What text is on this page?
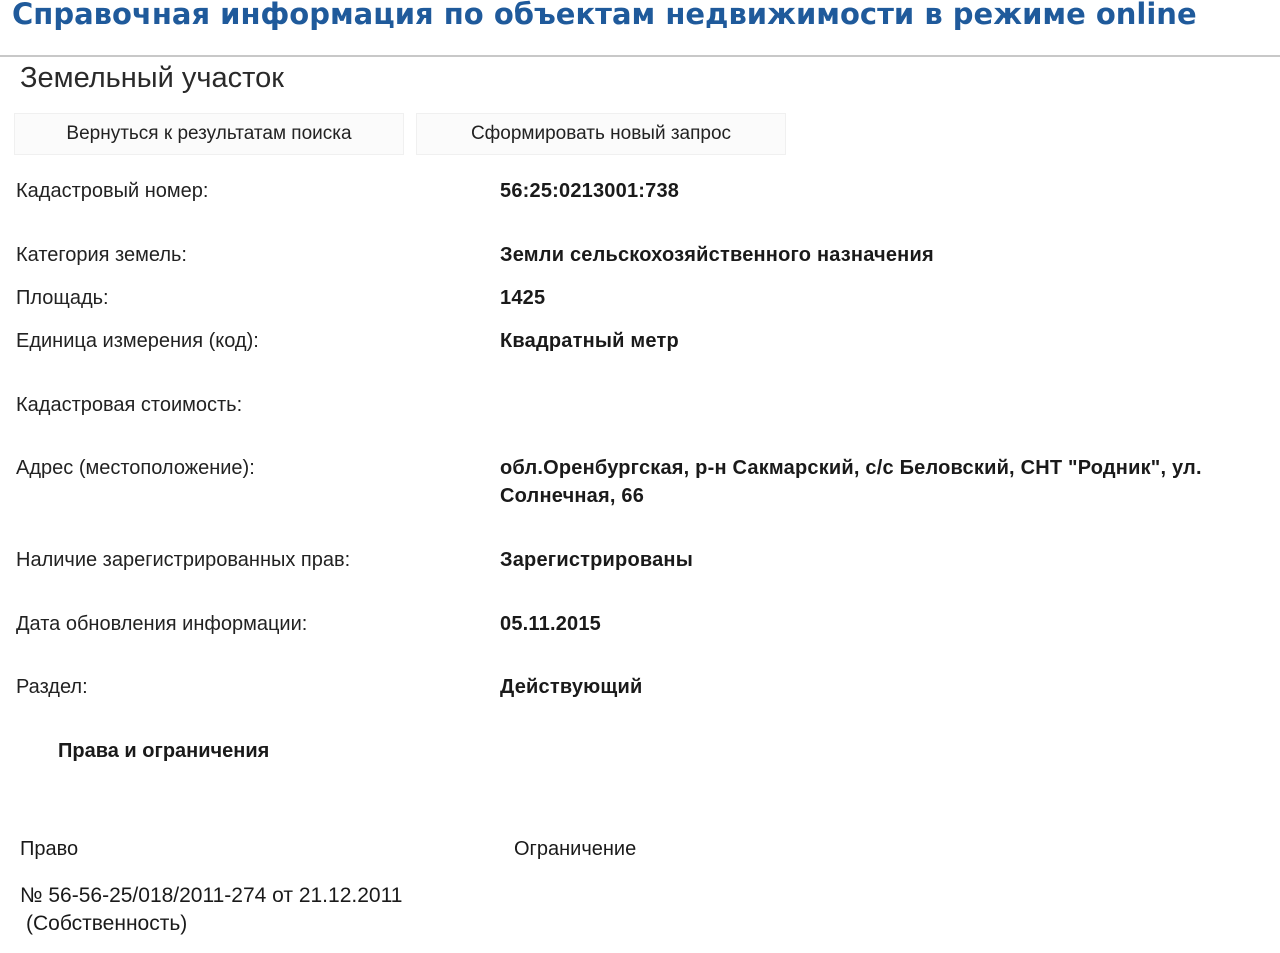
Справочная информация по объектам недвижимости в режиме online
Земельный участок
Вернуться к результатам поиска	Сформировать новый запрос
Кадастровый номер:	56:25:0213001:738
Категория земель:	Земли сельскохозяйственного назначения
Площадь:	1425
Единица измерения (код):	Квадратный метр
Кадастровая стоимость:
Адрес (местоположение):	обл.Оренбургская, р-н Сакмарский, с/с Беловский, СНТ "Родник", ул. Солнечная, 66
Наличие зарегистрированных прав:	Зарегистрированы
Дата обновления информации:	05.11.2015
Раздел:	Действующий
Права и ограничения
Право	Ограничение
№ 56-56-25/018/2011-274 от 21.12.2011
(Собственность)
